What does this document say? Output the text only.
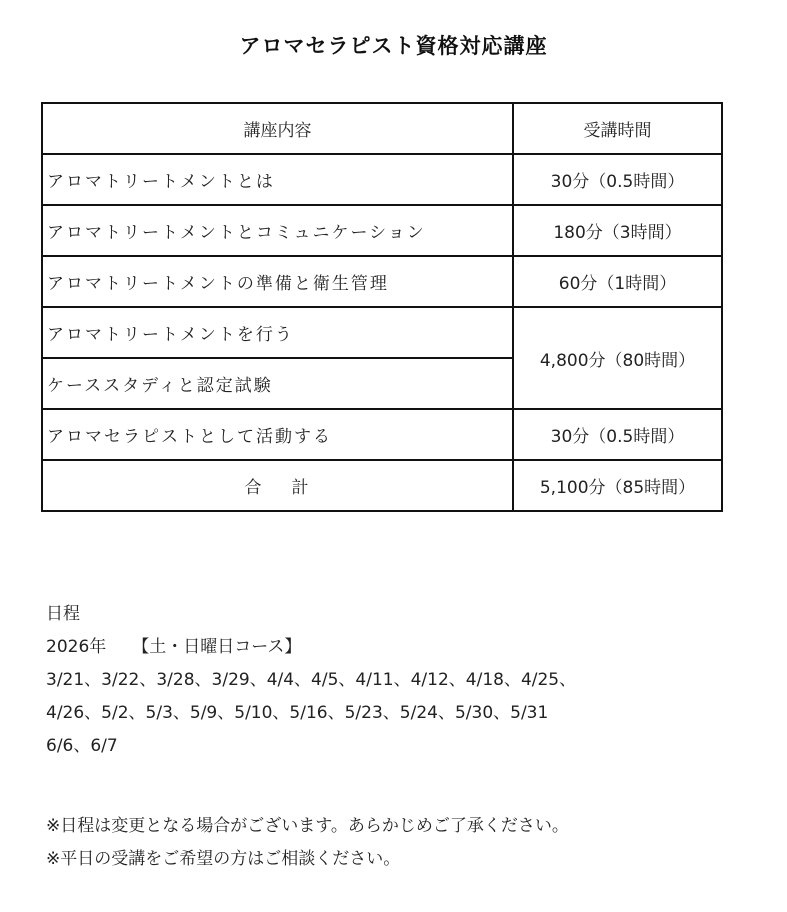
アロマセラピスト資格対応講座
講座内容	受講時間
アロマトリートメントとは	30分（0.5時間）
アロマトリートメントとコミュニケーション	180分（3時間）
アロマトリートメントの準備と衛生管理	60分（1時間）
アロマトリートメントを行う	4,800分（80時間）
ケーススタディと認定試験	
アロマセラピストとして活動する	30分（0.5時間）
合 計	5,100分（85時間）
日程
2026年 【土・日曜日コース】
3/21、3/22、3/28、3/29、4/4、4/5、4/11、4/12、4/18、4/25、
4/26、5/2、5/3、5/9、5/10、5/16、5/23、5/24、5/30、5/31
6/6、6/7
※日程は変更となる場合がございます。あらかじめご了承ください。
※平日の受講をご希望の方はご相談ください。
